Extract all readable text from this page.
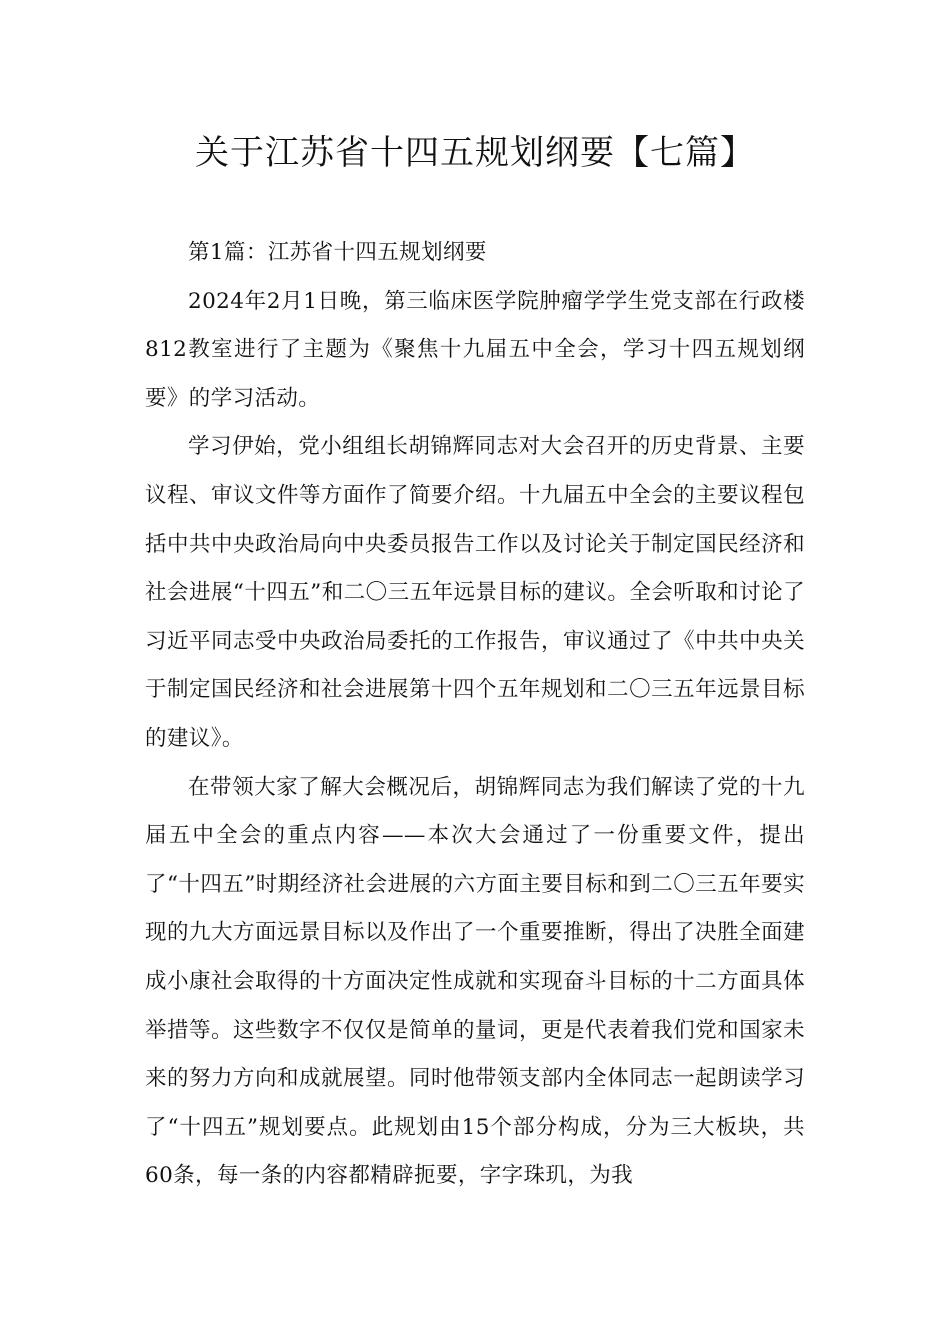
关于江苏省十四五规划纲要【七篇】

第1篇：江苏省十四五规划纲要

2024年2月1日晚，第三临床医学院肿瘤学学生党支部在行政楼812教室进行了主题为《聚焦十九届五中全会，学习十四五规划纲要》的学习活动。

学习伊始，党小组组长胡锦辉同志对大会召开的历史背景、主要议程、审议文件等方面作了简要介绍。十九届五中全会的主要议程包括中共中央政治局向中央委员报告工作以及讨论关于制定国民经济和社会进展“十四五”和二〇三五年远景目标的建议。全会听取和讨论了习近平同志受中央政治局委托的工作报告，审议通过了《中共中央关于制定国民经济和社会进展第十四个五年规划和二〇三五年远景目标的建议》。

在带领大家了解大会概况后，胡锦辉同志为我们解读了党的十九届五中全会的重点内容——本次大会通过了一份重要文件，提出了“十四五”时期经济社会进展的六方面主要目标和到二〇三五年要实现的九大方面远景目标以及作出了一个重要推断，得出了决胜全面建成小康社会取得的十方面决定性成就和实现奋斗目标的十二方面具体举措等。这些数字不仅仅是简单的量词，更是代表着我们党和国家未来的努力方向和成就展望。同时他带领支部内全体同志一起朗读学习了“十四五”规划要点。此规划由15个部分构成，分为三大板块，共60条，每一条的内容都精辟扼要，字字珠玑，为我
